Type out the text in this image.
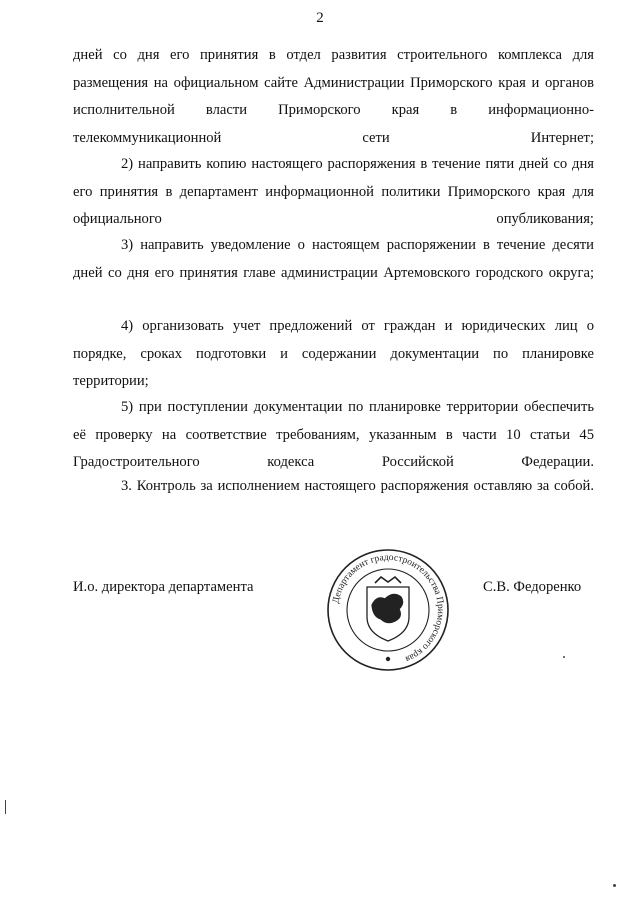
2

дней со дня его принятия в отдел развития строительного комплекса для размещения на официальном сайте Администрации Приморского края и органов исполнительной власти Приморского края в информационно-телекоммуникационной сети Интернет;

2) направить копию настоящего распоряжения в течение пяти дней со дня его принятия в департамент информационной политики Приморского края для официального опубликования;

3) направить уведомление о настоящем распоряжении в течение десяти дней со дня его принятия главе администрации Артемовского городского округа;

4) организовать учет предложений от граждан и юридических лиц о порядке, сроках подготовки и содержании документации по планировке территории;

5) при поступлении документации по планировке территории обеспечить её проверку на соответствие требованиям, указанным в части 10 статьи 45 Градостроительного кодекса Российской Федерации.

3. Контроль за исполнением настоящего распоряжения оставляю за собой.

И.о. директора департамента
Департамент градостроительства Приморского края
С.В. Федоренко
